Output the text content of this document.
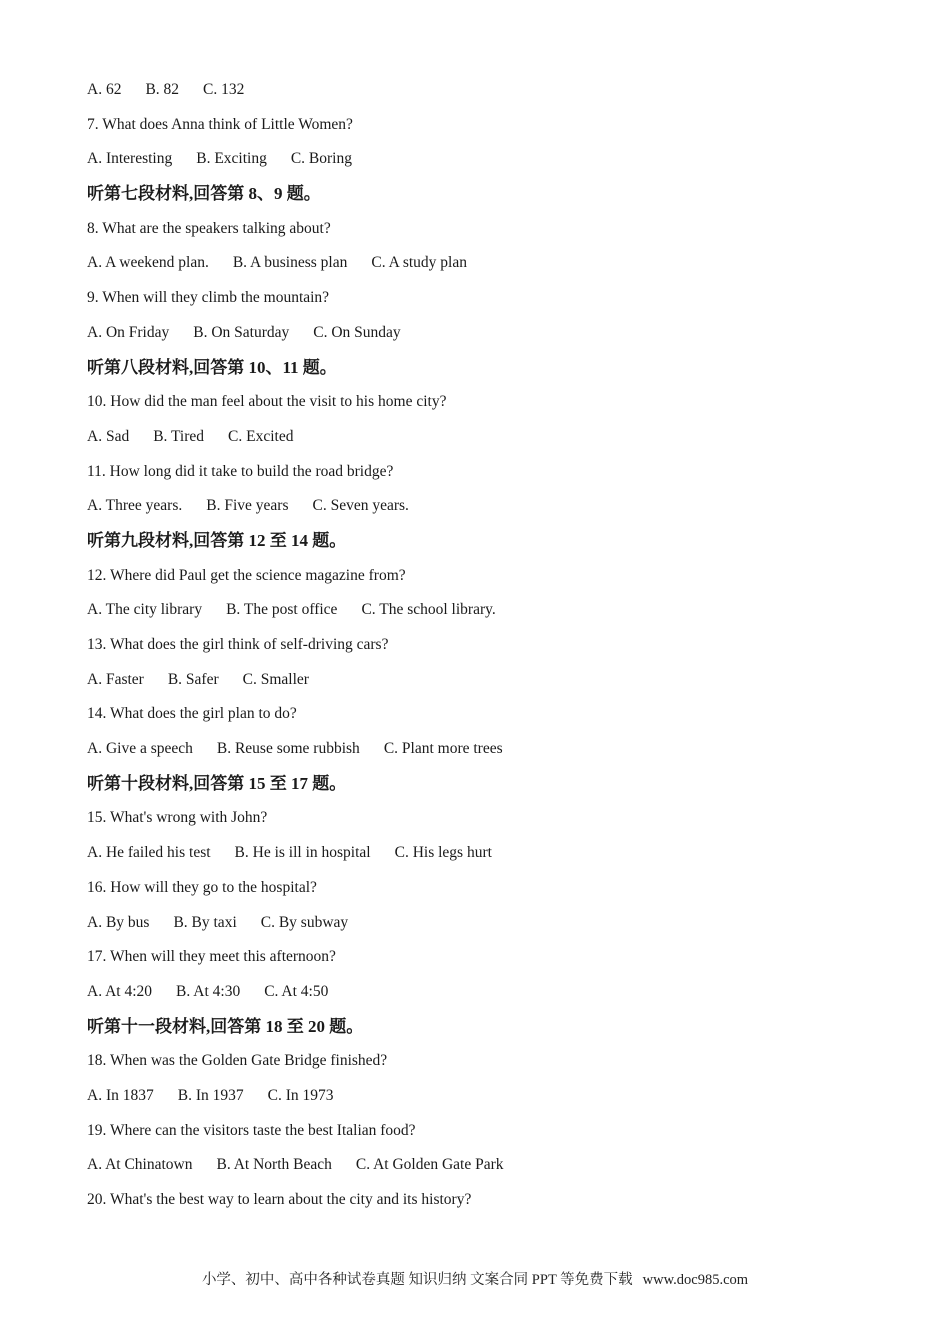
A. 62 B. 82 C. 132
7. What does Anna think of Little Women?
A. Interesting B. Exciting C. Boring
听第七段材料,回答第 8、9 题。
8. What are the speakers talking about?
A. A weekend plan. B. A business plan C. A study plan
9. When will they climb the mountain?
A. On Friday B. On Saturday C. On Sunday
听第八段材料,回答第 10、11 题。
10. How did the man feel about the visit to his home city?
A. Sad B. Tired C. Excited
11. How long did it take to build the road bridge?
A. Three years. B. Five years C. Seven years.
听第九段材料,回答第 12 至 14 题。
12. Where did Paul get the science magazine from?
A. The city library B. The post office C. The school library.
13. What does the girl think of self-driving cars?
A. Faster B. Safer C. Smaller
14. What does the girl plan to do?
A. Give a speech B. Reuse some rubbish C. Plant more trees
听第十段材料,回答第 15 至 17 题。
15. What's wrong with John?
A. He failed his test B. He is ill in hospital C. His legs hurt
16. How will they go to the hospital?
A. By bus B. By taxi C. By subway
17. When will they meet this afternoon?
A. At 4:20 B. At 4:30 C. At 4:50
听第十一段材料,回答第 18 至 20 题。
18. When was the Golden Gate Bridge finished?
A. In 1837 B. In 1937 C. In 1973
19. Where can the visitors taste the best Italian food?
A. At Chinatown B. At North Beach C. At Golden Gate Park
20. What's the best way to learn about the city and its history?
小学、初中、高中各种试卷真题 知识归纳 文案合同 PPT 等免费下载 www.doc985.com
